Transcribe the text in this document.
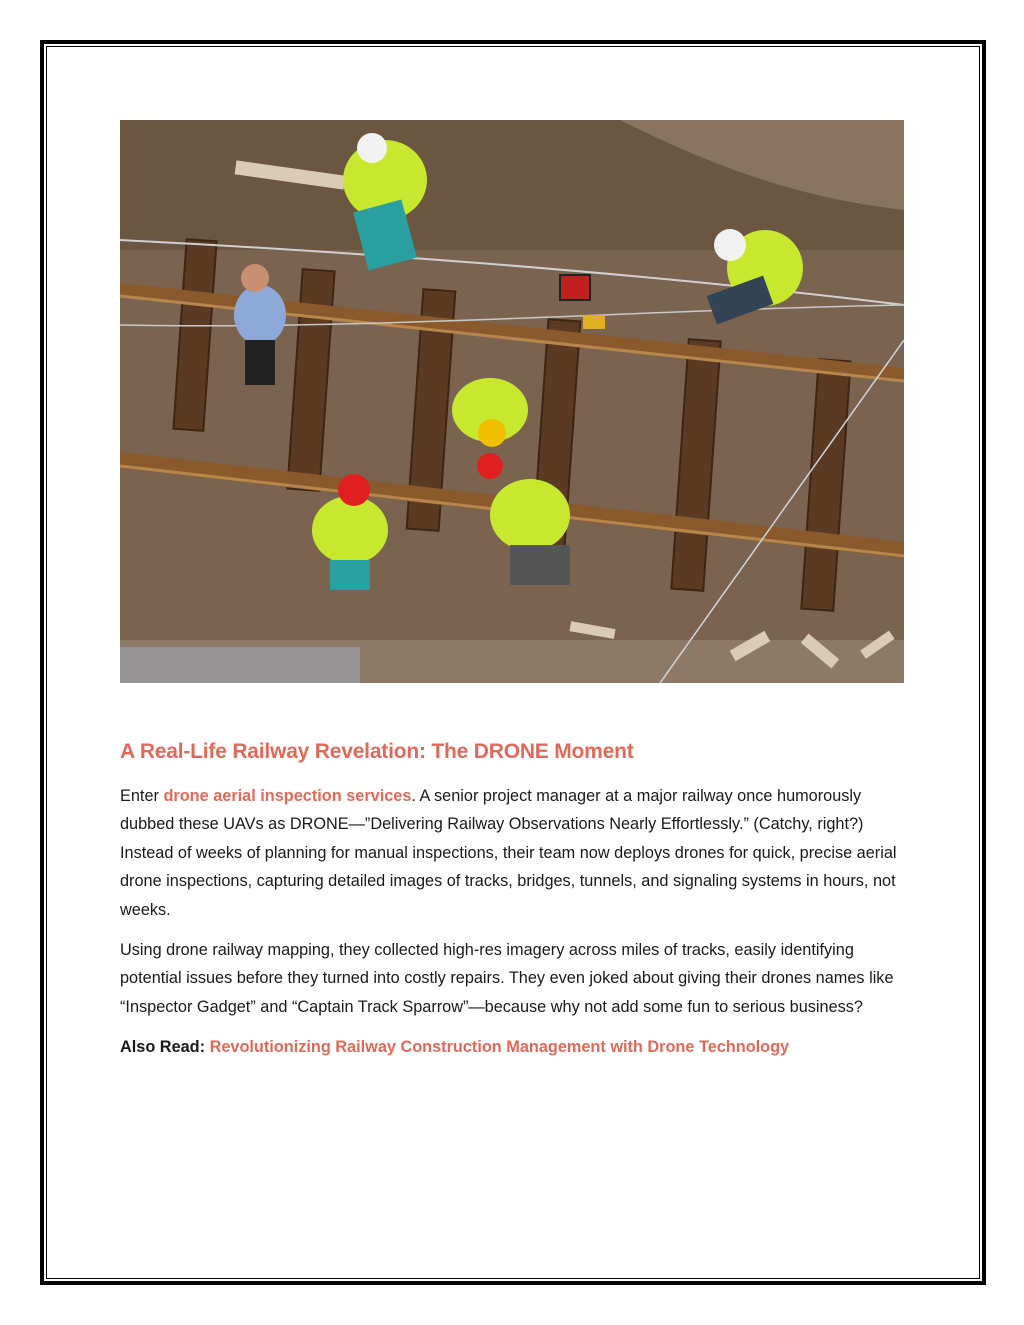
A Real-Life Railway Revelation: The DRONE Moment

Enter drone aerial inspection services. A senior project manager at a major railway once humorously dubbed these UAVs as DRONE—”Delivering Railway Observations Nearly Effortlessly.” (Catchy, right?) Instead of weeks of planning for manual inspections, their team now deploys drones for quick, precise aerial drone inspections, capturing detailed images of tracks, bridges, tunnels, and signaling systems in hours, not weeks.

Using drone railway mapping, they collected high-res imagery across miles of tracks, easily identifying potential issues before they turned into costly repairs. They even joked about giving their drones names like “Inspector Gadget” and “Captain Track Sparrow”—because why not add some fun to serious business?

Also Read: Revolutionizing Railway Construction Management with Drone Technology
